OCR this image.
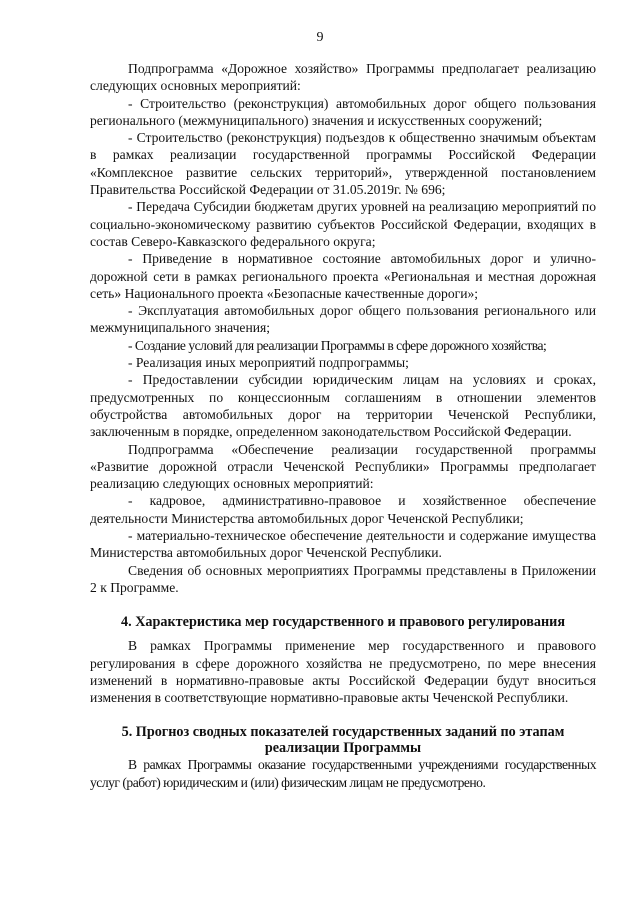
9

Подпрограмма «Дорожное хозяйство» Программы предполагает реализацию следующих основных мероприятий:

- Строительство (реконструкция) автомобильных дорог общего пользования регионального (межмуниципального) значения и искусственных сооружений;

- Строительство (реконструкция) подъездов к общественно значимым объектам в рамках реализации государственной программы Российской Федерации «Комплексное развитие сельских территорий», утвержденной постановлением Правительства Российской Федерации от 31.05.2019г. № 696;

- Передача Субсидии бюджетам других уровней на реализацию мероприятий по социально-экономическому развитию субъектов Российской Федерации, входящих в состав Северо-Кавказского федерального округа;

- Приведение в нормативное состояние автомобильных дорог и улично-дорожной сети в рамках регионального проекта «Региональная и местная дорожная сеть» Национального проекта «Безопасные качественные дороги»;

- Эксплуатация автомобильных дорог общего пользования регионального или межмуниципального значения;

- Создание условий для реализации Программы в сфере дорожного хозяйства;

- Реализация иных мероприятий подпрограммы;

- Предоставлении субсидии юридическим лицам на условиях и сроках, предусмотренных по концессионным соглашениям в отношении элементов обустройства автомобильных дорог на территории Чеченской Республики, заключенным в порядке, определенном законодательством Российской Федерации.

Подпрограмма «Обеспечение реализации государственной программы «Развитие дорожной отрасли Чеченской Республики» Программы предполагает реализацию следующих основных мероприятий:

- кадровое, административно-правовое и хозяйственное обеспечение деятельности Министерства автомобильных дорог Чеченской Республики;

- материально-техническое обеспечение деятельности и содержание имущества Министерства автомобильных дорог Чеченской Республики.

Сведения об основных мероприятиях Программы представлены в Приложении 2 к Программе.

4. Характеристика мер государственного и правового регулирования

В рамках Программы применение мер государственного и правового регулирования в сфере дорожного хозяйства не предусмотрено, по мере внесения изменений в нормативно-правовые акты Российской Федерации будут вноситься изменения в соответствующие нормативно-правовые акты Чеченской Республики.

5. Прогноз сводных показателей государственных заданий по этапам реализации Программы

В рамках Программы оказание государственными учреждениями государственных услуг (работ) юридическим и (или) физическим лицам не предусмотрено.
